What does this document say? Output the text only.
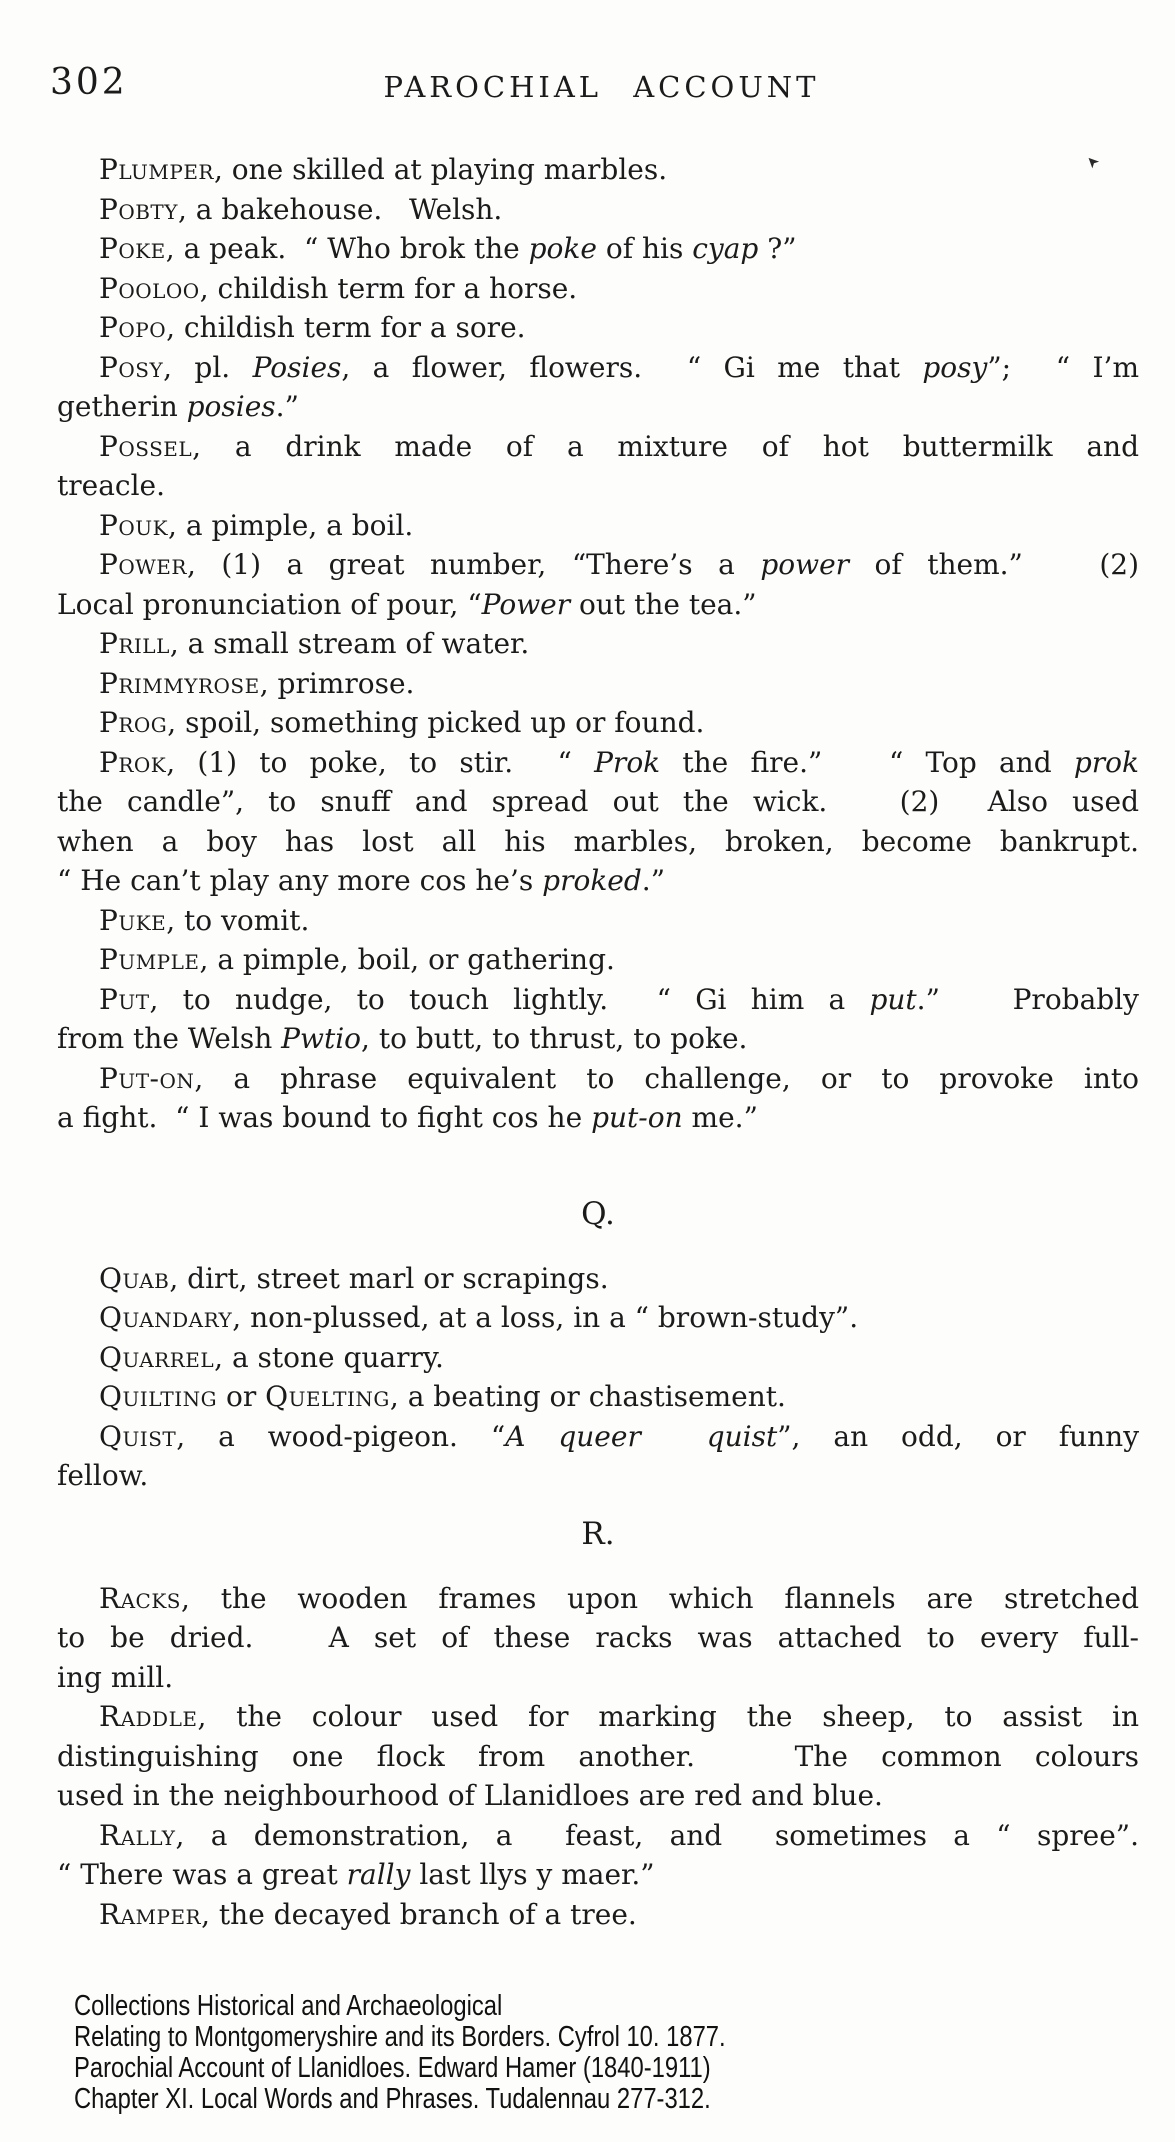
302	PAROCHIAL ACCOUNT
➤
Plumper, one skilled at playing marbles.
Pobty, a bakehouse.   Welsh.
Poke, a peak.  “ Who brok the poke of his cyap ?”
Pooloo, childish term for a horse.
Popo, childish term for a sore.
Posy, pl. Posies, a flower, flowers.  “ Gi me that posy”;  “ I’m
getherin posies.”
Possel, a drink made of a mixture of hot buttermilk and
treacle.
Pouk, a pimple, a boil.
Power, (1) a great number, “There’s a power of them.”   (2)
Local pronunciation of pour, “Power out the tea.”
Prill, a small stream of water.
Primmyrose, primrose.
Prog, spoil, something picked up or found.
Prok, (1) to poke, to stir.  “ Prok the fire.”   “ Top and prok
the candle”, to snuff and spread out the wick.   (2)  Also used
when a boy has lost all his marbles, broken, become bankrupt.
“ He can’t play any more cos he’s proked.”
Puke, to vomit.
Pumple, a pimple, boil, or gathering.
Put, to nudge, to touch lightly.  “ Gi him a put.”   Probably
from the Welsh Pwtio, to butt, to thrust, to poke.
Put-on, a phrase equivalent to challenge, or to provoke into
a fight.  “ I was bound to fight cos he put-on me.”
Q.
Quab, dirt, street marl or scrapings.
Quandary, non-plussed, at a loss, in a “ brown-study”.
Quarrel, a stone quarry.
Quilting or Quelting, a beating or chastisement.
Quist, a wood-pigeon. “A queer  quist”, an odd, or funny
fellow.
R.
Racks, the wooden frames upon which flannels are stretched
to be dried.   A set of these racks was attached to every full-
ing mill.
Raddle, the colour used for marking the sheep, to assist in
distinguishing one flock from another.   The common colours
used in the neighbourhood of Llanidloes are red and blue.
Rally, a demonstration, a  feast, and  sometimes a “ spree”.
“ There was a great rally last llys y maer.”
Ramper, the decayed branch of a tree.
Collections Historical and Archaeological
Relating to Montgomeryshire and its Borders. Cyfrol 10. 1877.
Parochial Account of Llanidloes. Edward Hamer (1840-1911)
Chapter XI. Local Words and Phrases. Tudalennau 277-312.
